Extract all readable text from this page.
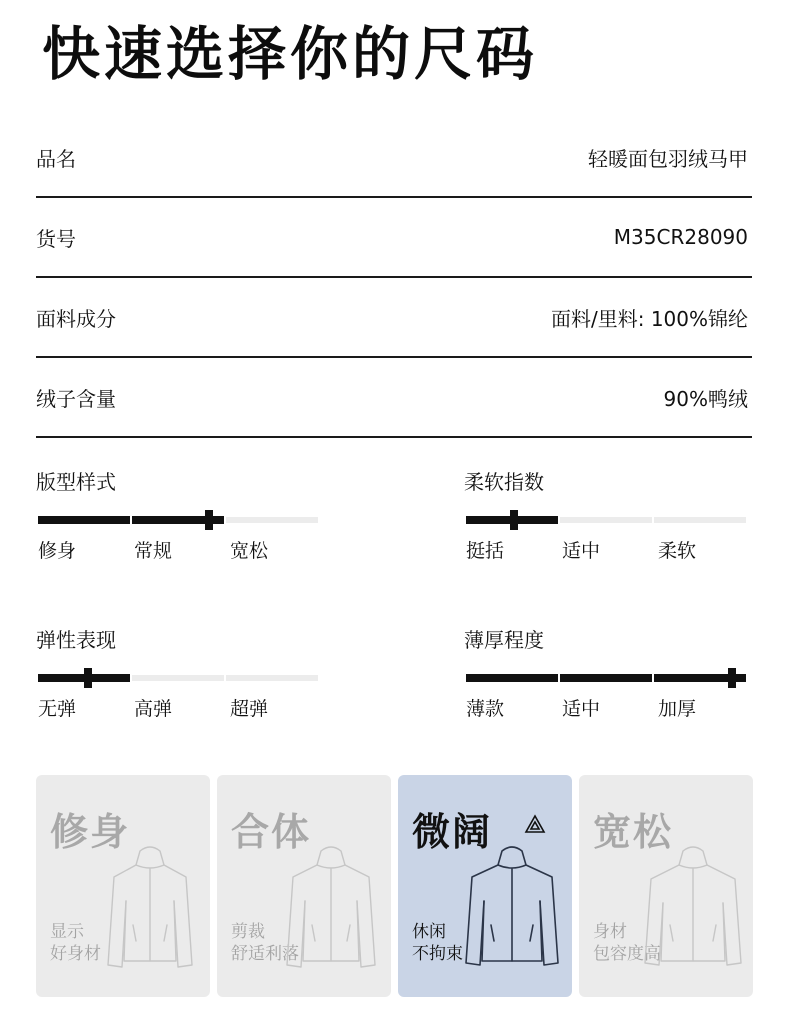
快速选择你的尺码
品名	轻暖面包羽绒马甲
货号	M35CR28090
面料成分	面料/里料: 100%锦纶
绒子含量	90%鸭绒
版型样式
修身	常规	宽松
柔软指数
挺括	适中	柔软
弹性表现
无弹	高弹	超弹
薄厚程度
薄款	适中	加厚
修身
显示
好身材
合体
剪裁
舒适利落
微阔
休闲
不拘束
宽松
身材
包容度高
